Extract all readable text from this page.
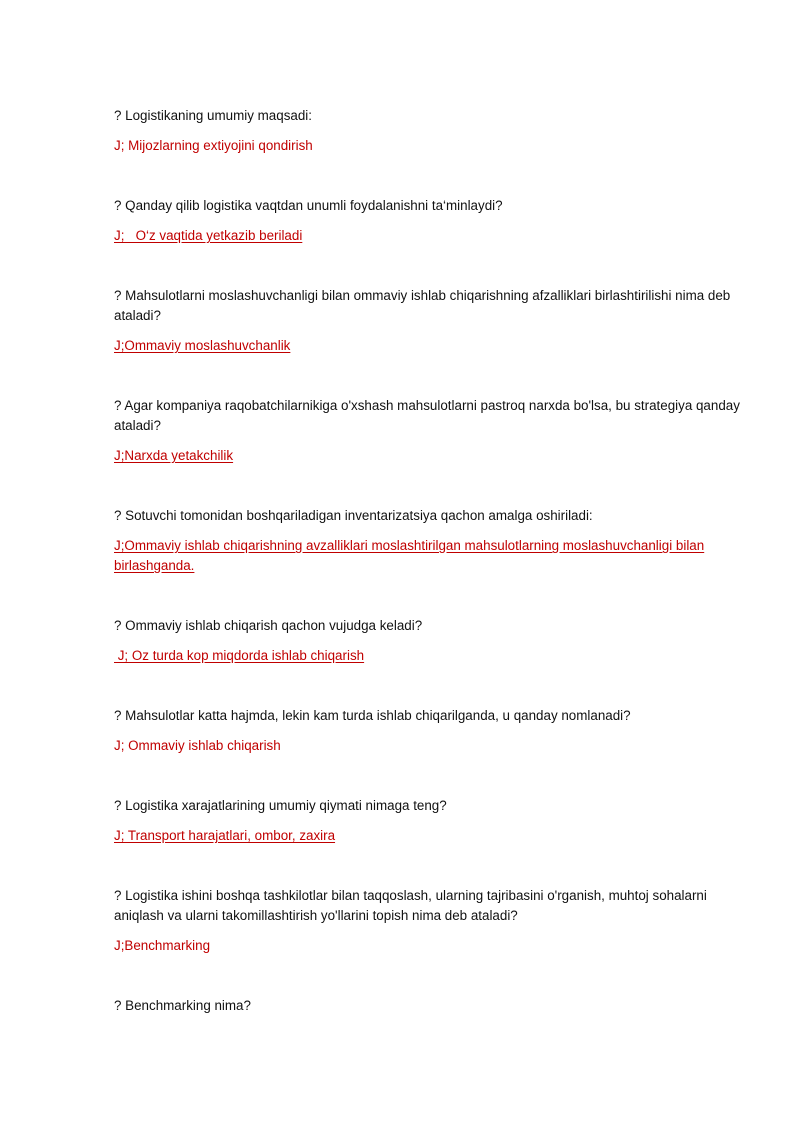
? Logistikaning umumiy maqsadi:

J; Mijozlarning extiyojini qondirish

? Qanday qilib logistika vaqtdan unumli foydalanishni ta‘minlaydi?

J;   O‘z vaqtida yetkazib beriladi

? Mahsulotlarni moslashuvchanligi bilan ommaviy ishlab chiqarishning afzalliklari birlashtirilishi nima deb ataladi?

J;Ommaviy moslashuvchanlik

? Agar kompaniya raqobatchilarnikiga o'xshash mahsulotlarni pastroq narxda bo'lsa, bu strategiya qanday ataladi?

J;Narxda yetakchilik

? Sotuvchi tomonidan boshqariladigan inventarizatsiya qachon amalga oshiriladi:

J;Ommaviy ishlab chiqarishning avzalliklari moslashtirilgan mahsulotlarning moslashuvchanligi bilan birlashganda.

? Ommaviy ishlab chiqarish qachon vujudga keladi?

J; Oz turda kop miqdorda ishlab chiqarish

? Mahsulotlar katta hajmda, lekin kam turda ishlab chiqarilganda, u qanday nomlanadi?

J; Ommaviy ishlab chiqarish

? Logistika xarajatlarining umumiy qiymati nimaga teng?

J; Transport harajatlari, ombor, zaxira

? Logistika ishini boshqa tashkilotlar bilan taqqoslash, ularning tajribasini o'rganish, muhtoj sohalarni aniqlash va ularni takomillashtirish yo'llarini topish nima deb ataladi?

J;Benchmarking

? Benchmarking nima?
